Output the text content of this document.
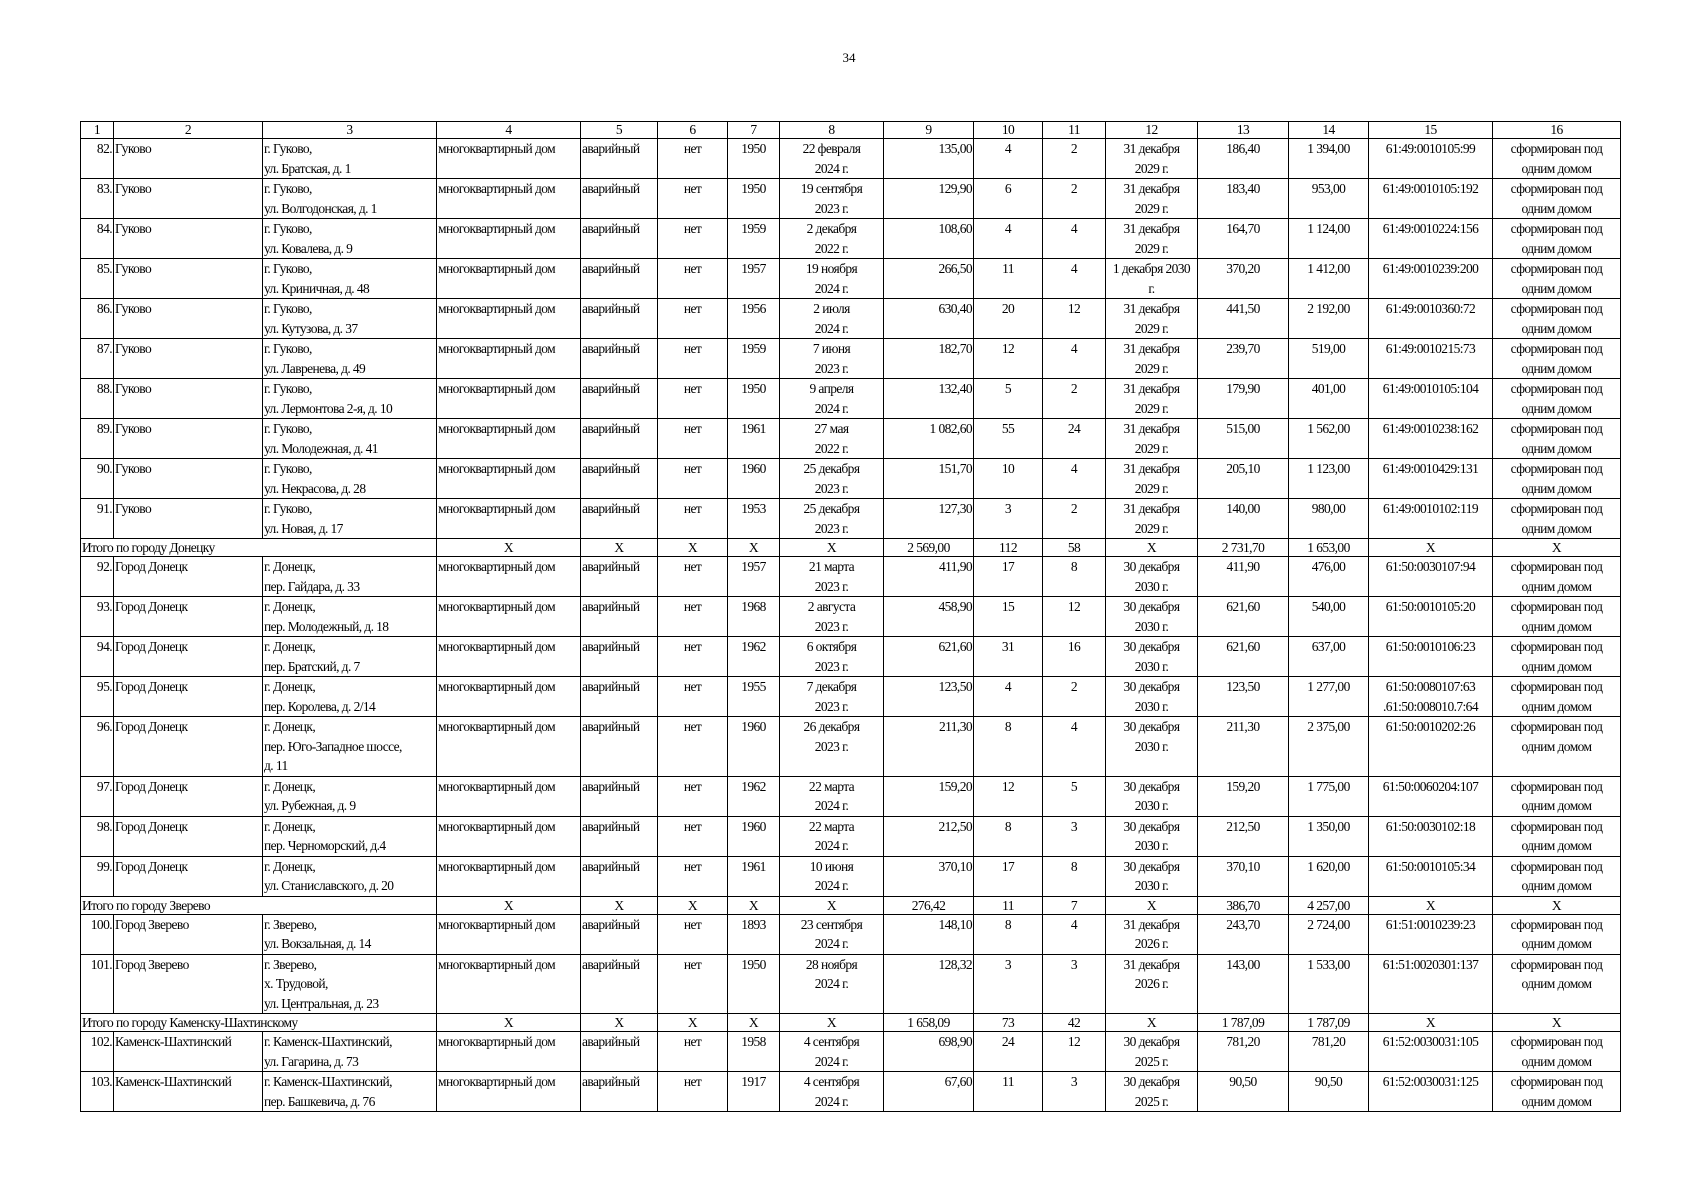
34
1	2	3	4	5	6	7	8	9	10	11	12	13	14	15	16

82.	Гуково	г. Гуково,
ул. Братская, д. 1	многоквартирный дом	аварийный	нет	1950	22 февраля
2024 г.	135,00	4	2	31 декабря
2029 г.	186,40	1 394,00	61:49:0010105:99	сформирован под
одним домом

83.	Гуково	г. Гуково,
ул. Волгодонская, д. 1	многоквартирный дом	аварийный	нет	1950	19 сентября
2023 г.	129,90	6	2	31 декабря
2029 г.	183,40	953,00	61:49:0010105:192	сформирован под
одним домом

84.	Гуково	г. Гуково,
ул. Ковалева, д. 9	многоквартирный дом	аварийный	нет	1959	2 декабря
2022 г.	108,60	4	4	31 декабря
2029 г.	164,70	1 124,00	61:49:0010224:156	сформирован под
одним домом

85.	Гуково	г. Гуково,
ул. Криничная, д. 48	многоквартирный дом	аварийный	нет	1957	19 ноября
2024 г.	266,50	11	4	1 декабря 2030
г.	370,20	1 412,00	61:49:0010239:200	сформирован под
одним домом

86.	Гуково	г. Гуково,
ул. Кутузова, д. 37	многоквартирный дом	аварийный	нет	1956	2 июля
2024 г.	630,40	20	12	31 декабря
2029 г.	441,50	2 192,00	61:49:0010360:72	сформирован под
одним домом

87.	Гуково	г. Гуково,
ул. Лавренева, д. 49	многоквартирный дом	аварийный	нет	1959	7 июня
2023 г.	182,70	12	4	31 декабря
2029 г.	239,70	519,00	61:49:0010215:73	сформирован под
одним домом

88.	Гуково	г. Гуково,
ул. Лермонтова 2-я, д. 10	многоквартирный дом	аварийный	нет	1950	9 апреля
2024 г.	132,40	5	2	31 декабря
2029 г.	179,90	401,00	61:49:0010105:104	сформирован под
одним домом

89.	Гуково	г. Гуково,
ул. Молодежная, д. 41	многоквартирный дом	аварийный	нет	1961	27 мая
2022 г.	1 082,60	55	24	31 декабря
2029 г.	515,00	1 562,00	61:49:0010238:162	сформирован под
одним домом

90.	Гуково	г. Гуково,
ул. Некрасова, д. 28	многоквартирный дом	аварийный	нет	1960	25 декабря
2023 г.	151,70	10	4	31 декабря
2029 г.	205,10	1 123,00	61:49:0010429:131	сформирован под
одним домом

91.	Гуково	г. Гуково,
ул. Новая, д. 17	многоквартирный дом	аварийный	нет	1953	25 декабря
2023 г.	127,30	3	2	31 декабря
2029 г.	140,00	980,00	61:49:0010102:119	сформирован под
одним домом

Итого по городу Донецку			X	X	X	X	X	2 569,00	112	58	X	2 731,70	1 653,00	X	X

92.	Город Донецк	г. Донецк,
пер. Гайдара, д. 33	многоквартирный дом	аварийный	нет	1957	21 марта
2023 г.	411,90	17	8	30 декабря
2030 г.	411,90	476,00	61:50:0030107:94	сформирован под
одним домом

93.	Город Донецк	г. Донецк,
пер. Молодежный, д. 18	многоквартирный дом	аварийный	нет	1968	2 августа
2023 г.	458,90	15	12	30 декабря
2030 г.	621,60	540,00	61:50:0010105:20	сформирован под
одним домом

94.	Город Донецк	г. Донецк,
пер. Братский, д. 7	многоквартирный дом	аварийный	нет	1962	6 октября
2023 г.	621,60	31	16	30 декабря
2030 г.	621,60	637,00	61:50:0010106:23	сформирован под
одним домом

95.	Город Донецк	г. Донецк,
пер. Королева, д. 2/14	многоквартирный дом	аварийный	нет	1955	7 декабря
2023 г.	123,50	4	2	30 декабря
2030 г.	123,50	1 277,00	61:50:0080107:63
.61:50:008010.7:64	сформирован под
одним домом

96.	Город Донецк	г. Донецк,
пер. Юго-Западное шоссе,
д. 11	многоквартирный дом	аварийный	нет	1960	26 декабря
2023 г.	211,30	8	4	30 декабря
2030 г.	211,30	2 375,00	61:50:0010202:26	сформирован под
одним домом

97.	Город Донецк	г. Донецк,
ул. Рубежная, д. 9	многоквартирный дом	аварийный	нет	1962	22 марта
2024 г.	159,20	12	5	30 декабря
2030 г.	159,20	1 775,00	61:50:0060204:107	сформирован под
одним домом

98.	Город Донецк	г. Донецк,
пер. Черноморский, д.4	многоквартирный дом	аварийный	нет	1960	22 марта
2024 г.	212,50	8	3	30 декабря
2030 г.	212,50	1 350,00	61:50:0030102:18	сформирован под
одним домом

99.	Город Донецк	г. Донецк,
ул. Станиславского, д. 20	многоквартирный дом	аварийный	нет	1961	10 июня
2024 г.	370,10	17	8	30 декабря
2030 г.	370,10	1 620,00	61:50:0010105:34	сформирован под
одним домом

Итого по городу Зверево			X	X	X	X	X	276,42	11	7	X	386,70	4 257,00	X	X

100.	Город Зверево	г. Зверево,
ул. Вокзальная, д. 14	многоквартирный дом	аварийный	нет	1893	23 сентября
2024 г.	148,10	8	4	31 декабря
2026 г.	243,70	2 724,00	61:51:0010239:23	сформирован под
одним домом

101.	Город Зверево	г. Зверево,
х. Трудовой,
ул. Центральная, д. 23	многоквартирный дом	аварийный	нет	1950	28 ноября
2024 г.	128,32	3	3	31 декабря
2026 г.	143,00	1 533,00	61:51:0020301:137	сформирован под
одним домом

Итого по городу Каменску-Шахтинскому			X	X	X	X	X	1 658,09	73	42	X	1 787,09	1 787,09	X	X

102.	Каменск-Шахтинский	г. Каменск-Шахтинский,
ул. Гагарина, д. 73	многоквартирный дом	аварийный	нет	1958	4 сентября
2024 г.	698,90	24	12	30 декабря
2025 г.	781,20	781,20	61:52:0030031:105	сформирован под
одним домом

103.	Каменск-Шахтинский	г. Каменск-Шахтинский,
пер. Башкевича, д. 76	многоквартирный дом	аварийный	нет	1917	4 сентября
2024 г.	67,60	11	3	30 декабря
2025 г.	90,50	90,50	61:52:0030031:125	сформирован под
одним домом
